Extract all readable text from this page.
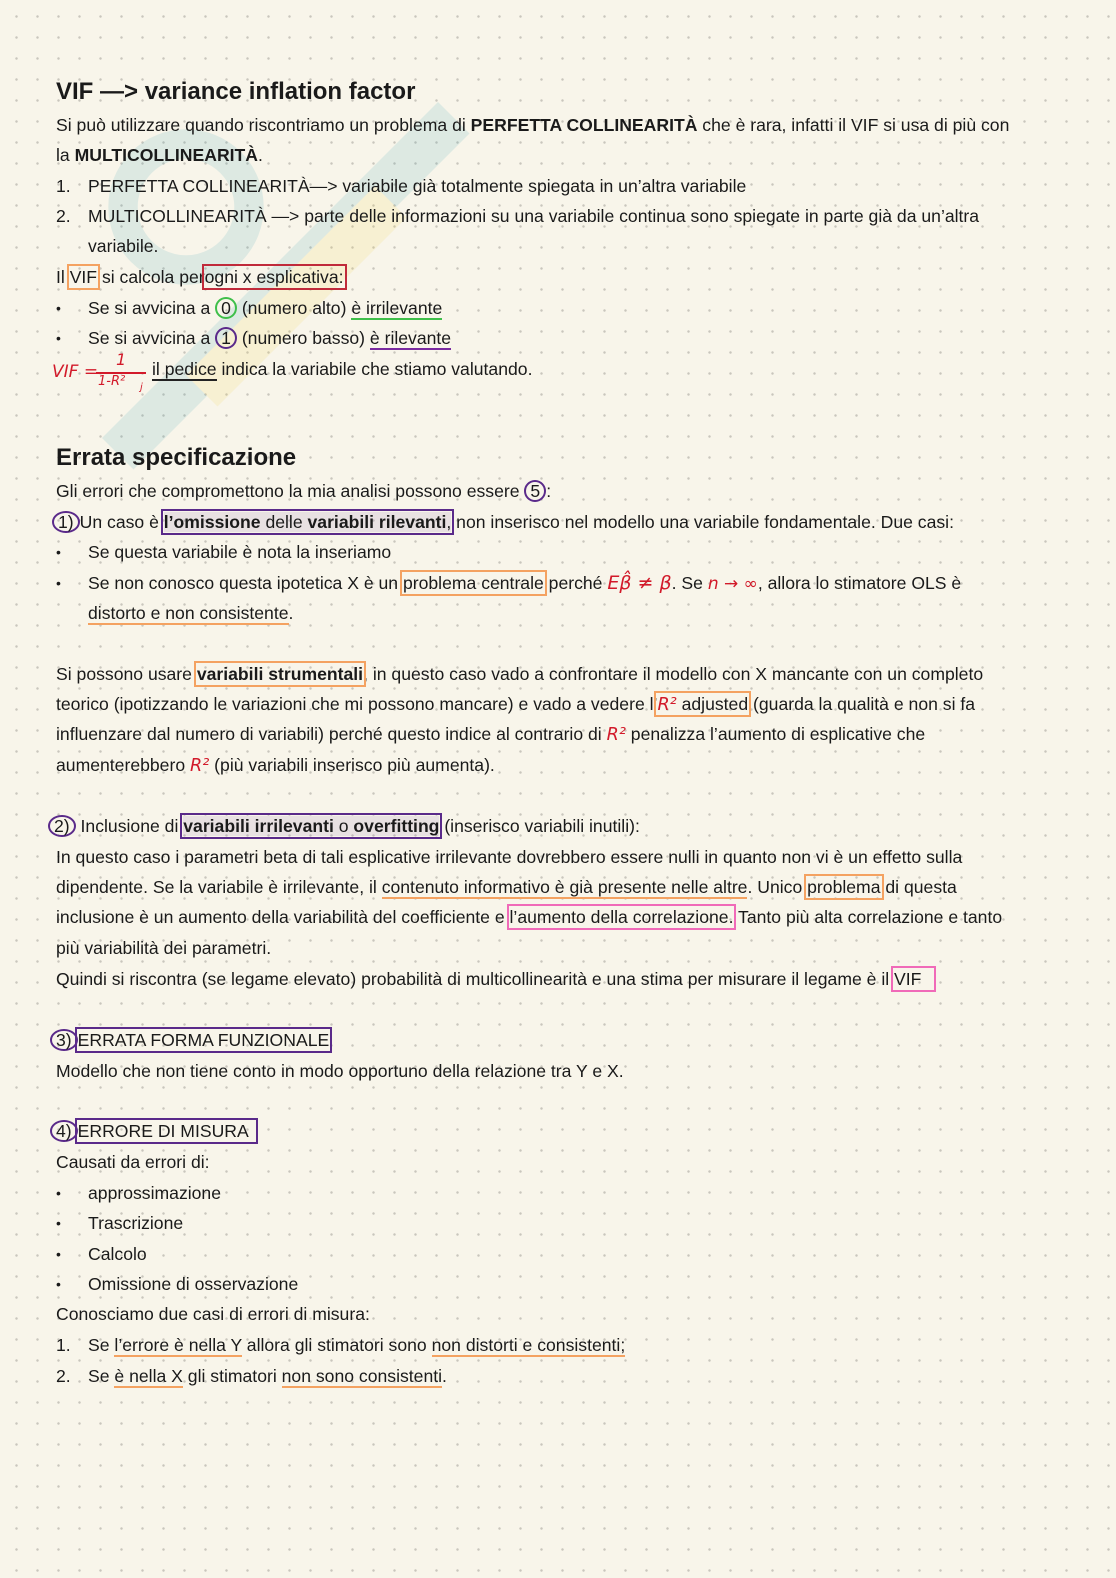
VIF —> variance inflation factor
Si può utilizzare quando riscontriamo un problema di PERFETTA COLLINEARITÀ che è rara, infatti il VIF si usa di più con
la MULTICOLLINEARITÀ.
1. PERFETTA COLLINEARITÀ—> variabile già totalmente spiegata in un’altra variabile
2. MULTICOLLINEARITÀ —> parte delle informazioni su una variabile continua sono spiegate in parte già da un’altra
variabile.
Il VIF si calcola perogni x esplicativa:
• Se si avvicina a 0 (numero alto) è irrilevante
• Se si avvicina a 1 (numero basso) è rilevante
VIF =
1
1-R² j
il pedice indica la variabile che stiamo valutando.
Errata specificazione
Gli errori che compromettono la mia analisi possono essere 5 :
1) Un caso è l’omissione delle variabili rilevanti, non inserisco nel modello una variabile fondamentale. Due casi:
• Se questa variabile è nota la inseriamo
• Se non conosco questa ipotetica X è un problema centrale perché Eβ̂ ≠ β. Se n → ∞, allora lo stimatore OLS è
distorto e non consistente.
Si possono usare variabili strumentali, in questo caso vado a confrontare il modello con X mancante con un completo
teorico (ipotizzando le variazioni che mi possono mancare) e vado a vedere l’R² adjusted (guarda la qualità e non si fa
influenzare dal numero di variabili) perché questo indice al contrario di R² penalizza l’aumento di esplicative che
aumenterebbero R² (più variabili inserisco più aumenta).
2) Inclusione di variabili irrilevanti o overfitting (inserisco variabili inutili):
In questo caso i parametri beta di tali esplicative irrilevante dovrebbero essere nulli in quanto non vi è un effetto sulla
dipendente. Se la variabile è irrilevante, il contenuto informativo è già presente nelle altre. Unico problema di questa
inclusione è un aumento della variabilità del coefficiente e l’aumento della correlazione. Tanto più alta correlazione e tanto
più variabilità dei parametri.
Quindi si riscontra (se legame elevato) probabilità di multicollinearità e una stima per misurare il legame è il VIF
3) ERRATA FORMA FUNZIONALE
Modello che non tiene conto in modo opportuno della relazione tra Y e X.
4) ERRORE DI MISURA
Causati da errori di:
• approssimazione
• Trascrizione
• Calcolo
• Omissione di osservazione
Conosciamo due casi di errori di misura:
1. Se l’errore è nella Y allora gli stimatori sono non distorti e consistenti;
2. Se è nella X gli stimatori non sono consistenti.
